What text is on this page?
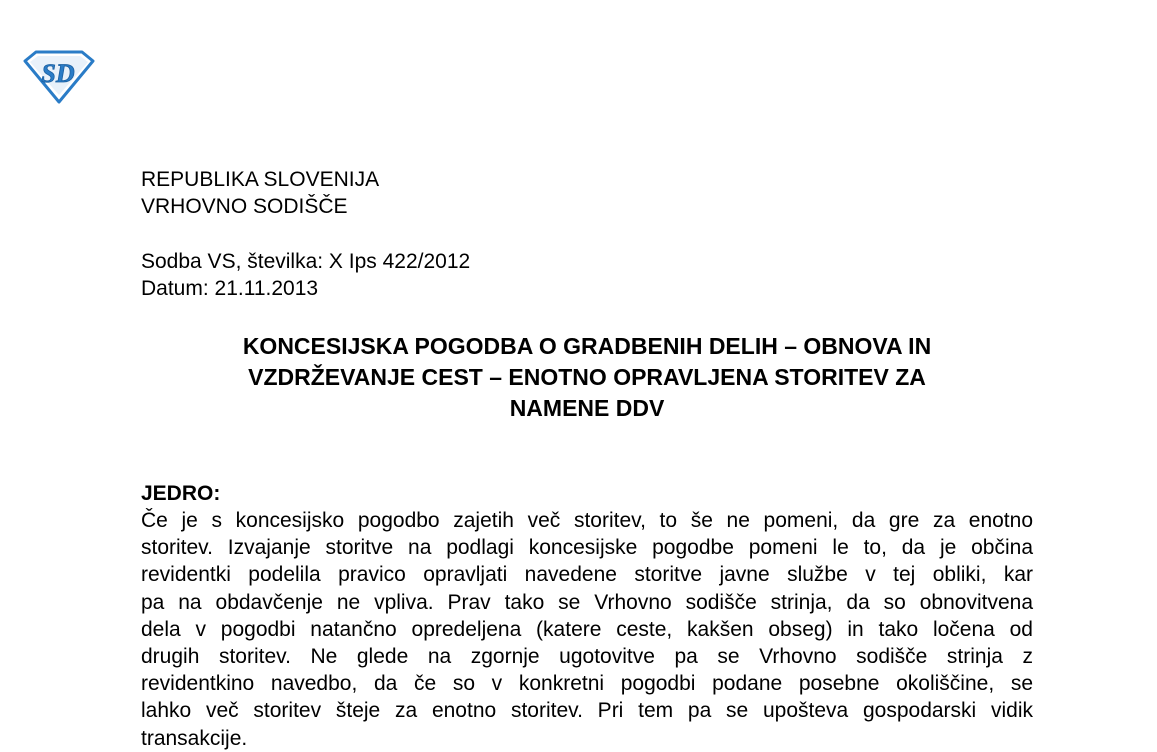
SD
REPUBLIKA SLOVENIJA
VRHOVNO SODIŠČE
Sodba VS, številka: X Ips 422/2012
Datum: 21.11.2013
KONCESIJSKA POGODBA O GRADBENIH DELIH – OBNOVA IN
VZDRŽEVANJE CEST – ENOTNO OPRAVLJENA STORITEV ZA
NAMENE DDV
JEDRO:
Če je s koncesijsko pogodbo zajetih več storitev, to še ne pomeni, da gre za enotno
storitev. Izvajanje storitve na podlagi koncesijske pogodbe pomeni le to, da je občina
revidentki podelila pravico opravljati navedene storitve javne službe v tej obliki, kar
pa na obdavčenje ne vpliva. Prav tako se Vrhovno sodišče strinja, da so obnovitvena
dela v pogodbi natančno opredeljena (katere ceste, kakšen obseg) in tako ločena od
drugih storitev. Ne glede na zgornje ugotovitve pa se Vrhovno sodišče strinja z
revidentkino navedbo, da če so v konkretni pogodbi podane posebne okoliščine, se
lahko več storitev šteje za enotno storitev. Pri tem pa se upošteva gospodarski vidik
transakcije.
